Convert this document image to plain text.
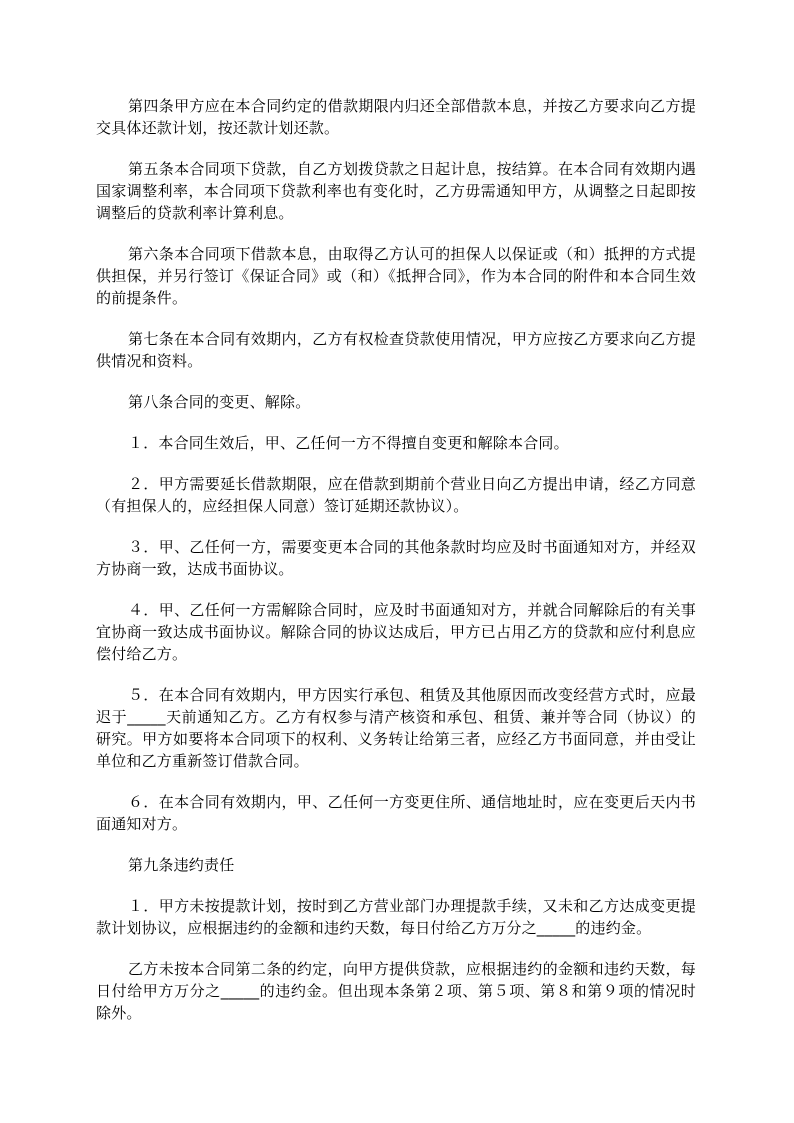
第四条甲方应在本合同约定的借款期限内归还全部借款本息，并按乙方要求向乙方提交具体还款计划，按还款计划还款。

第五条本合同项下贷款，自乙方划拨贷款之日起计息，按结算。在本合同有效期内遇国家调整利率，本合同项下贷款利率也有变化时，乙方毋需通知甲方，从调整之日起即按调整后的贷款利率计算利息。

第六条本合同项下借款本息，由取得乙方认可的担保人以保证或（和）抵押的方式提供担保，并另行签订《保证合同》或（和）《抵押合同》，作为本合同的附件和本合同生效的前提条件。

第七条在本合同有效期内，乙方有权检查贷款使用情况，甲方应按乙方要求向乙方提供情况和资料。

第八条合同的变更、解除。

１．本合同生效后，甲、乙任何一方不得擅自变更和解除本合同。

２．甲方需要延长借款期限，应在借款到期前个营业日向乙方提出申请，经乙方同意（有担保人的，应经担保人同意）签订延期还款协议）。

３．甲、乙任何一方，需要变更本合同的其他条款时均应及时书面通知对方，并经双方协商一致，达成书面协议。

４．甲、乙任何一方需解除合同时，应及时书面通知对方，并就合同解除后的有关事宜协商一致达成书面协议。解除合同的协议达成后，甲方已占用乙方的贷款和应付利息应偿付给乙方。

５．在本合同有效期内，甲方因实行承包、租赁及其他原因而改变经营方式时，应最迟于_____天前通知乙方。乙方有权参与清产核资和承包、租赁、兼并等合同（协议）的研究。甲方如要将本合同项下的权利、义务转让给第三者，应经乙方书面同意，并由受让单位和乙方重新签订借款合同。

６．在本合同有效期内，甲、乙任何一方变更住所、通信地址时，应在变更后天内书面通知对方。

第九条违约责任

１．甲方未按提款计划，按时到乙方营业部门办理提款手续，又未和乙方达成变更提款计划协议，应根据违约的金额和违约天数，每日付给乙方万分之_____的违约金。

乙方未按本合同第二条的约定，向甲方提供贷款，应根据违约的金额和违约天数，每日付给甲方万分之_____的违约金。但出现本条第２项、第５项、第８和第９项的情况时除外。
